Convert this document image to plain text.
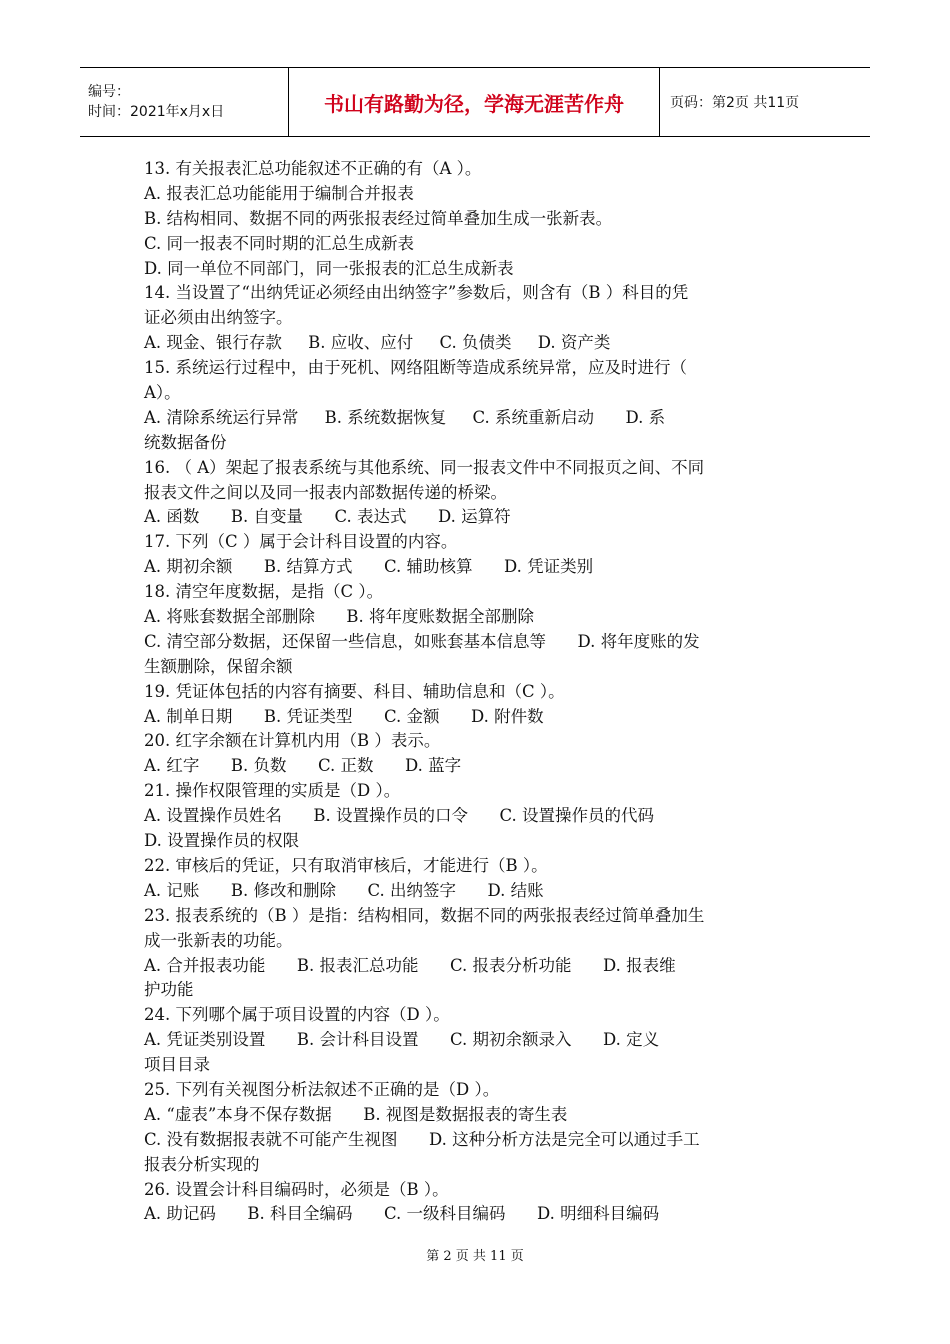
编号：
时间：2021年x月x日	书山有路勤为径，学海无涯苦作舟	页码：第2页 共11页
13. 有关报表汇总功能叙述不正确的有（A ）。
A. 报表汇总功能能用于编制合并报表
B. 结构相同、数据不同的两张报表经过简单叠加生成一张新表。
C. 同一报表不同时期的汇总生成新表
D. 同一单位不同部门，同一张报表的汇总生成新表
14. 当设置了“出纳凭证必须经由出纳签字”参数后，则含有（B ）科目的凭
证必须由出纳签字。
A. 现金、银行存款     B. 应收、应付     C. 负债类     D. 资产类
15. 系统运行过程中，由于死机、网络阻断等造成系统异常，应及时进行（
A）。
A. 清除系统运行异常     B. 系统数据恢复     C. 系统重新启动      D. 系
统数据备份
16. （ A）架起了报表系统与其他系统、同一报表文件中不同报页之间、不同
报表文件之间以及同一报表内部数据传递的桥梁。
A. 函数      B. 自变量      C. 表达式      D. 运算符
17. 下列（C ）属于会计科目设置的内容。
A. 期初余额      B. 结算方式      C. 辅助核算      D. 凭证类别
18. 清空年度数据，是指（C ）。
A. 将账套数据全部删除      B. 将年度账数据全部删除
C. 清空部分数据，还保留一些信息，如账套基本信息等      D. 将年度账的发
生额删除，保留余额
19. 凭证体包括的内容有摘要、科目、辅助信息和（C ）。
A. 制单日期      B. 凭证类型      C. 金额      D. 附件数
20. 红字余额在计算机内用（B ）表示。
A. 红字      B. 负数      C. 正数      D. 蓝字
21. 操作权限管理的实质是（D ）。
A. 设置操作员姓名      B. 设置操作员的口令      C. 设置操作员的代码
D. 设置操作员的权限
22. 审核后的凭证，只有取消审核后，才能进行（B ）。
A. 记账      B. 修改和删除      C. 出纳签字      D. 结账
23. 报表系统的（B ）是指：结构相同，数据不同的两张报表经过简单叠加生
成一张新表的功能。
A. 合并报表功能      B. 报表汇总功能      C. 报表分析功能      D. 报表维
护功能
24. 下列哪个属于项目设置的内容（D ）。
A. 凭证类别设置      B. 会计科目设置      C. 期初余额录入      D. 定义
项目目录
25. 下列有关视图分析法叙述不正确的是（D ）。
A. “虚表”本身不保存数据      B. 视图是数据报表的寄生表
C. 没有数据报表就不可能产生视图      D. 这种分析方法是完全可以通过手工
报表分析实现的
26. 设置会计科目编码时，必须是（B ）。
A. 助记码      B. 科目全编码      C. 一级科目编码      D. 明细科目编码
第 2 页 共 11 页
